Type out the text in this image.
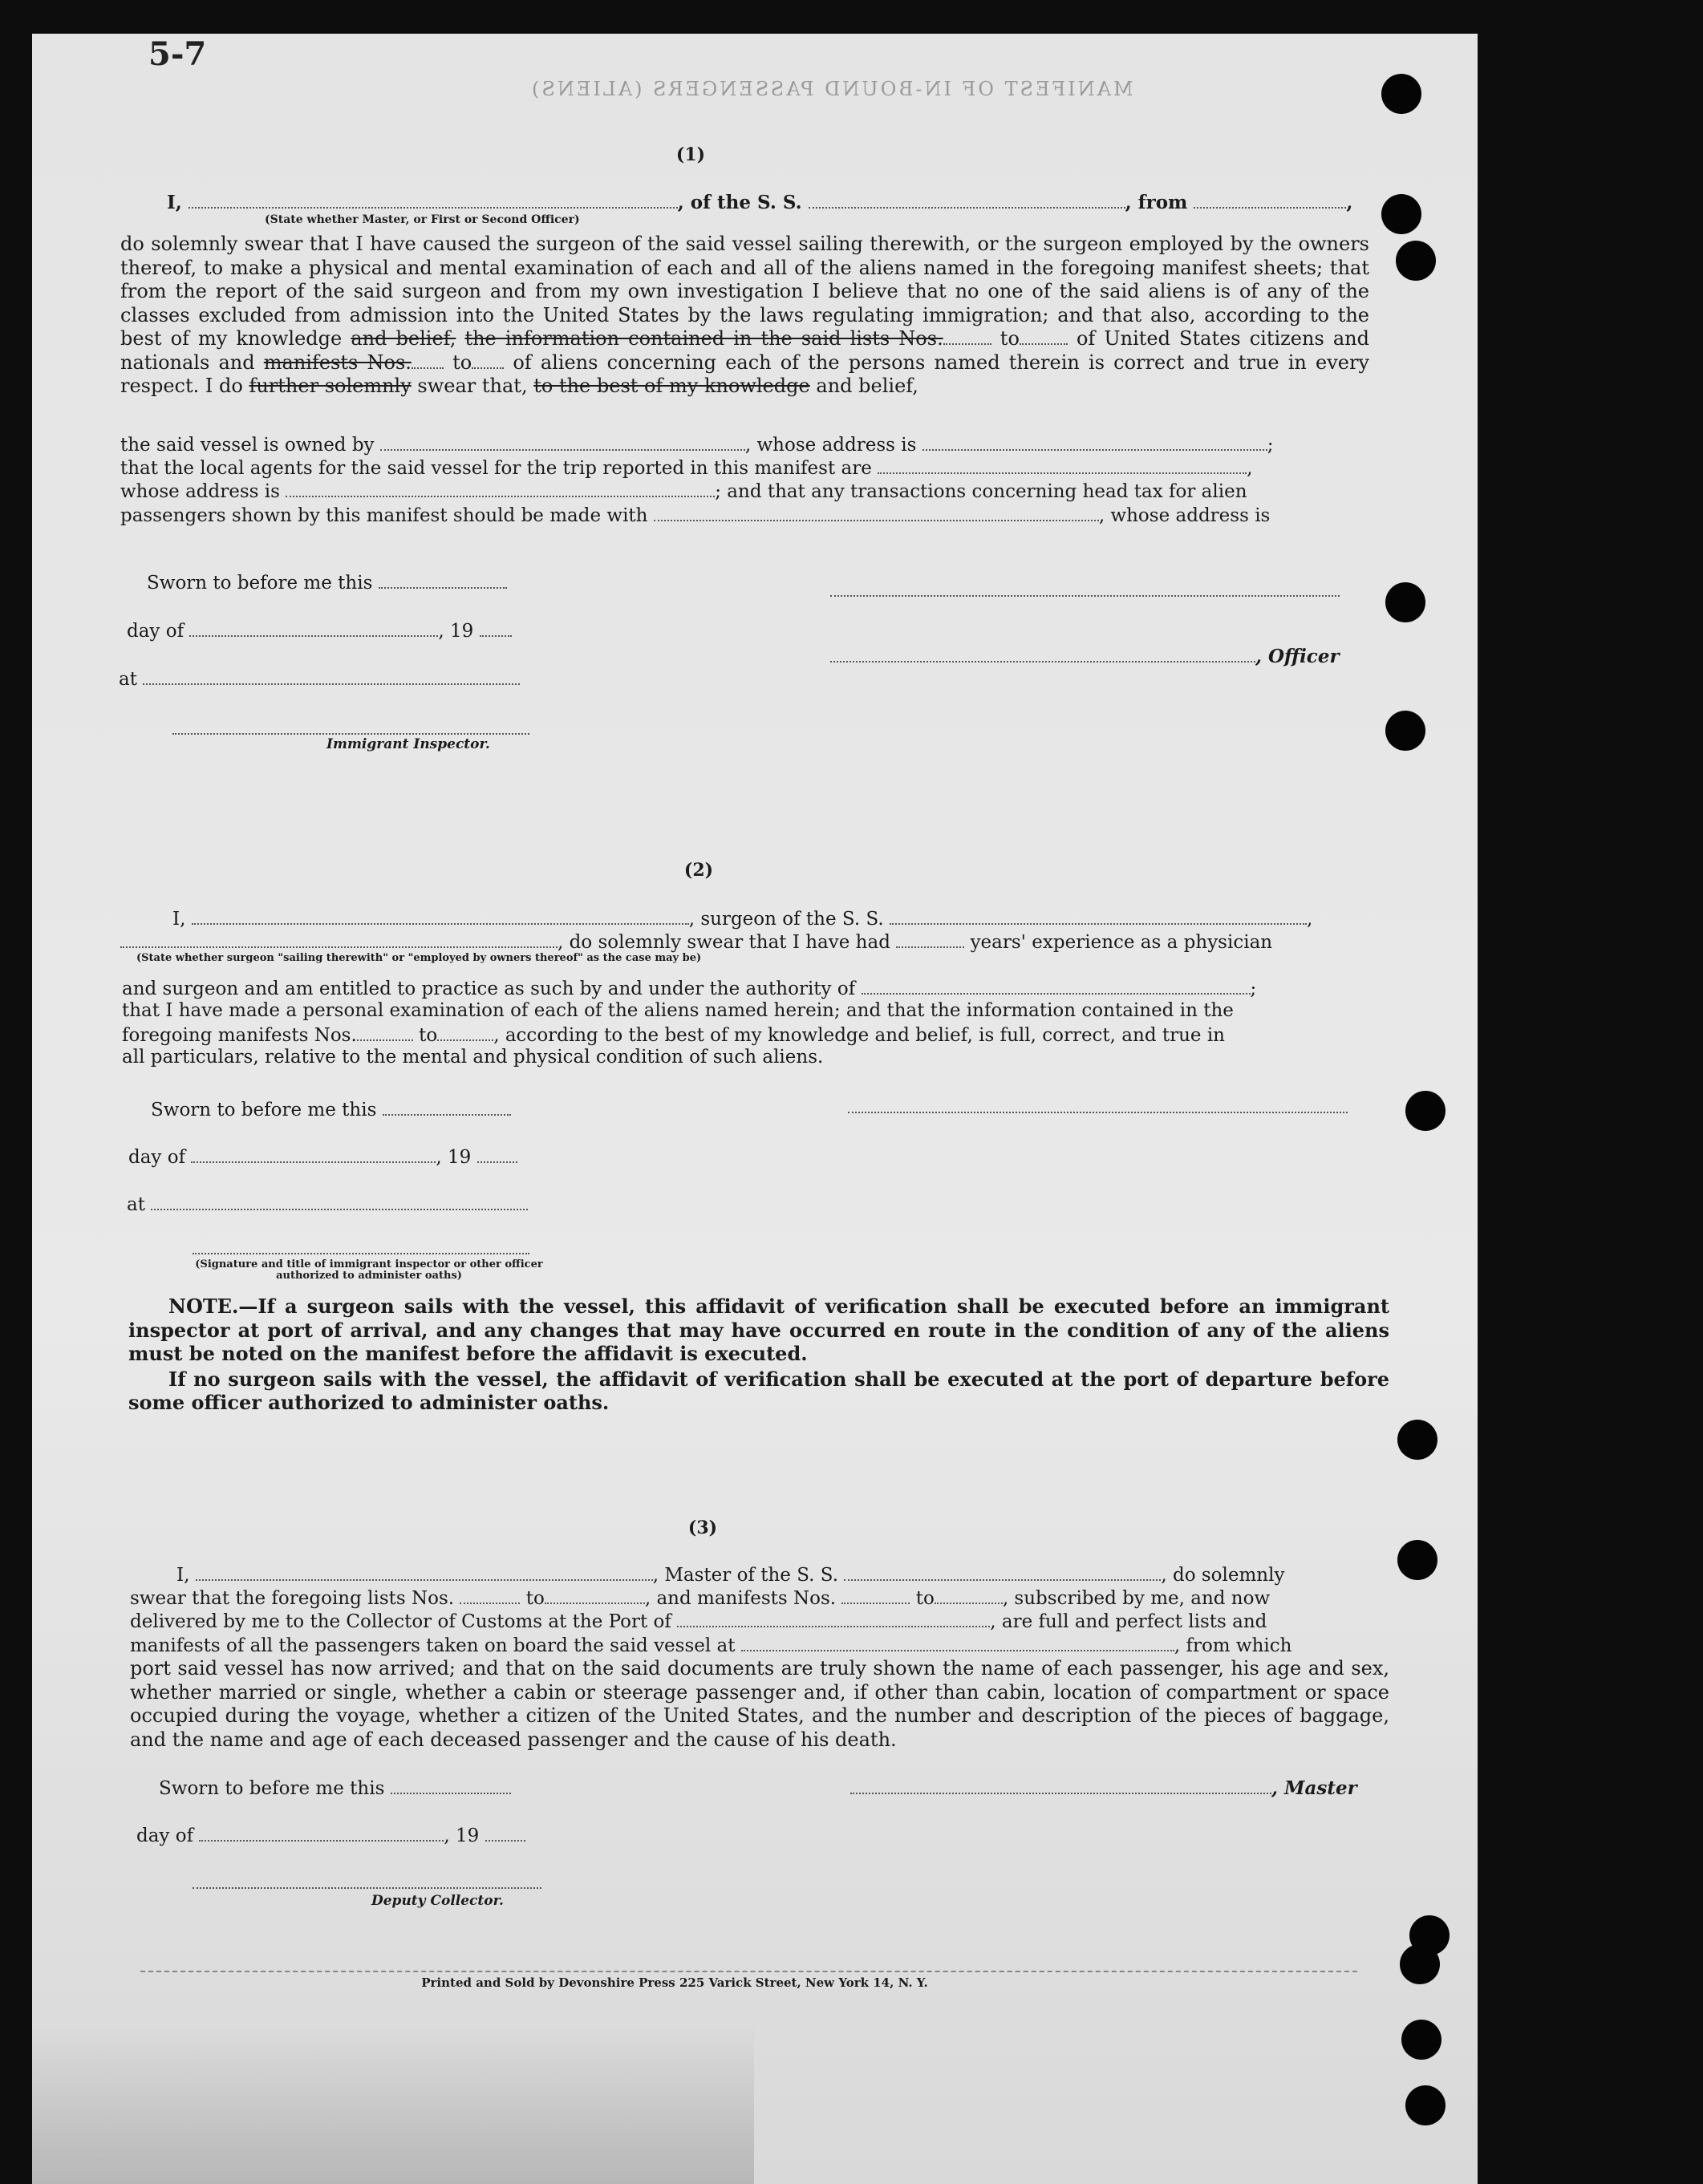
5-7
MANIFEST OF IN-BOUND PASSENGERS (ALIENS)
(1)
I,	, of the S. S.	, from	,
(State whether Master, or First or Second Officer)
do solemnly swear that I have caused the surgeon of the said vessel sailing therewith, or the surgeon employed by the owners thereof, to make a physical and mental examination of each and all of the aliens named in the foregoing manifest sheets; that from the report of the said surgeon and from my own investigation I believe that no one of the said aliens is of any of the classes excluded from admission into the United States by the laws regulating immigration; and that also, according to the best of my knowledge and belief, the information contained in the said lists Nos.	to	of United States citizens and nationals and manifests Nos. to of aliens concerning each of the persons named therein is correct and true in every respect. I do further solemnly swear that, to the best of my knowledge and belief,
the said vessel is owned by	, whose address is	;
that the local agents for the said vessel for the trip reported in this manifest are	,
whose address is	; and that any transactions concerning head tax for alien
passengers shown by this manifest should be made with	, whose address is
Sworn to before me this
day of	, 19
, Officer
at
Immigrant Inspector.
(2)
I,	, surgeon of the S. S.	,
, do solemnly swear that I have had	years' experience as a physician
(State whether surgeon "sailing therewith" or "employed by owners thereof" as the case may be)
and surgeon and am entitled to practice as such by and under the authority of	;
that I have made a personal examination of each of the aliens named herein; and that the information contained in the
foregoing manifests Nos.	to	, according to the best of my knowledge and belief, is full, correct, and true in
all particulars, relative to the mental and physical condition of such aliens.
Sworn to before me this
day of	, 19
at
(Signature and title of immigrant inspector or other officer authorized to administer oaths)

NOTE.—If a surgeon sails with the vessel, this affidavit of verification shall be executed before an immigrant inspector at port of arrival, and any changes that may have occurred en route in the condition of any of the aliens must be noted on the manifest before the affidavit is executed.

If no surgeon sails with the vessel, the affidavit of verification shall be executed at the port of departure before some officer authorized to administer oaths.

(3)
I,	, Master of the S. S.	, do solemnly
swear that the foregoing lists Nos.	to	, and manifests Nos.	to	, subscribed by me, and now
delivered by me to the Collector of Customs at the Port of	, are full and perfect lists and
manifests of all the passengers taken on board the said vessel at	, from which
port said vessel has now arrived; and that on the said documents are truly shown the name of each passenger, his age and sex, whether married or single, whether a cabin or steerage passenger and, if other than cabin, location of compartment or space occupied during the voyage, whether a citizen of the United States, and the number and description of the pieces of baggage, and the name and age of each deceased passenger and the cause of his death.
Sworn to before me this	, Master
day of	, 19
Deputy Collector.
Printed and Sold by Devonshire Press 225 Varick Street, New York 14, N. Y.
